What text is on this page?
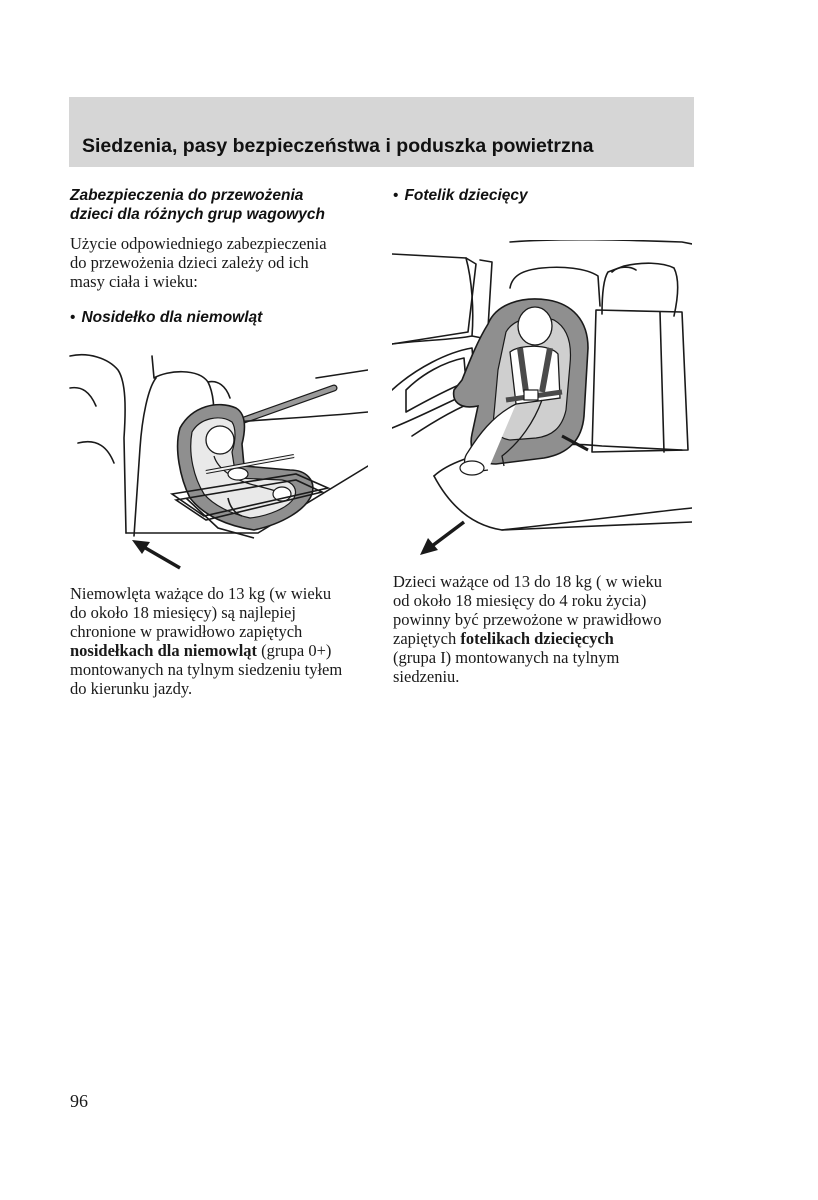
Siedzenia, pasy bezpieczeństwa i poduszka powietrzna
Zabezpieczenia do przewożenia
dzieci dla różnych grup wagowych
Użycie odpowiedniego zabezpieczenia
do przewożenia dzieci zależy od ich
masy ciała i wieku:
• Nosidełko dla niemowląt
Niemowlęta ważące do 13 kg (w wieku
do około 18 miesięcy) są najlepiej
chronione w prawidłowo zapiętych
nosidełkach dla niemowląt (grupa 0+)
montowanych na tylnym siedzeniu tyłem
do kierunku jazdy.
• Fotelik dziecięcy
Dzieci ważące od 13 do 18 kg ( w wieku
od około 18 miesięcy do 4 roku życia)
powinny być przewożone w prawidłowo
zapiętych fotelikach dziecięcych
(grupa I) montowanych na tylnym
siedzeniu.
96
